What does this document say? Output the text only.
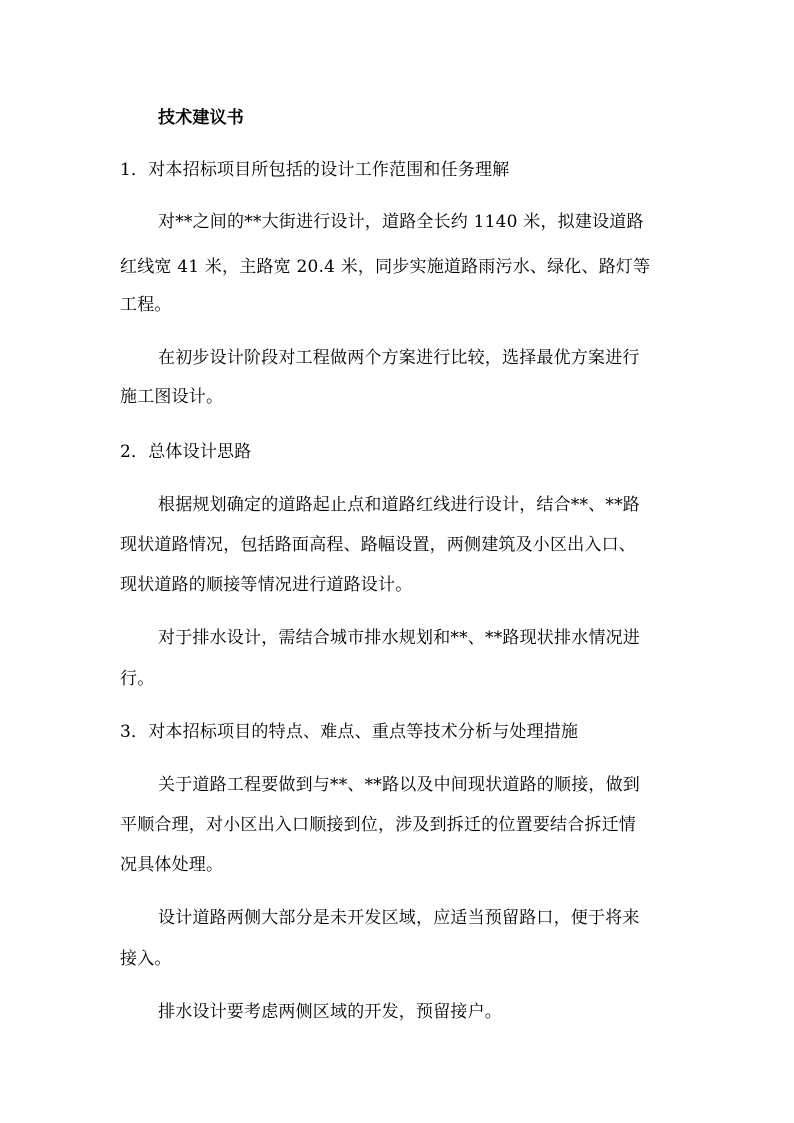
技术建议书
1．对本招标项目所包括的设计工作范围和任务理解
对**之间的**大街进行设计，道路全长约 1140 米，拟建设道路
红线宽 41 米，主路宽 20.4 米，同步实施道路雨污水、绿化、路灯等
工程。
在初步设计阶段对工程做两个方案进行比较，选择最优方案进行
施工图设计。
2．总体设计思路
根据规划确定的道路起止点和道路红线进行设计，结合**、**路
现状道路情况，包括路面高程、路幅设置，两侧建筑及小区出入口、
现状道路的顺接等情况进行道路设计。
对于排水设计，需结合城市排水规划和**、**路现状排水情况进
行。
3．对本招标项目的特点、难点、重点等技术分析与处理措施
关于道路工程要做到与**、**路以及中间现状道路的顺接，做到
平顺合理，对小区出入口顺接到位，涉及到拆迁的位置要结合拆迁情
况具体处理。
设计道路两侧大部分是未开发区域，应适当预留路口，便于将来
接入。
排水设计要考虑两侧区域的开发，预留接户。
